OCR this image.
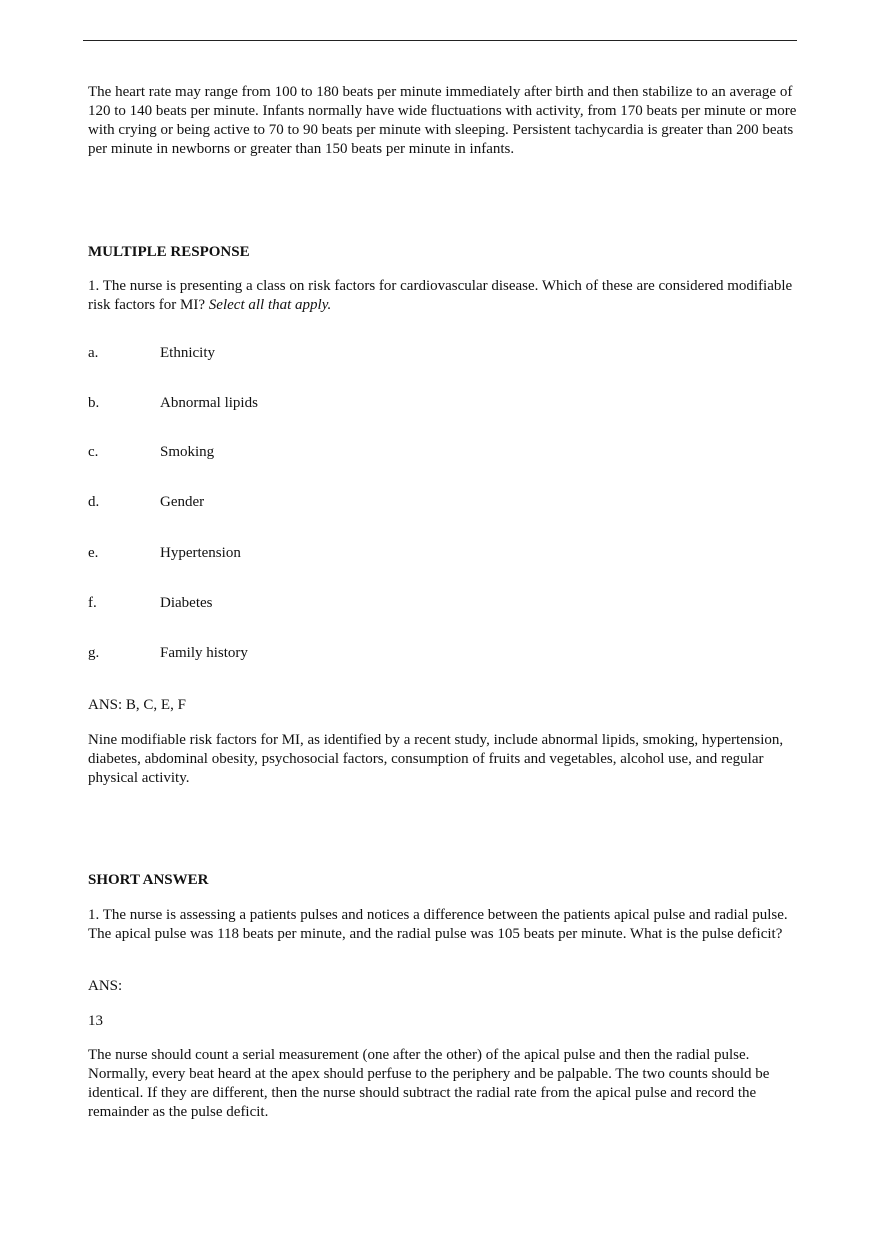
The heart rate may range from 100 to 180 beats per minute immediately after birth and then stabilize to an average of 120 to 140 beats per minute. Infants normally have wide fluctuations with activity, from 170 beats per minute or more with crying or being active to 70 to 90 beats per minute with sleeping. Persistent tachycardia is greater than 200 beats per minute in newborns or greater than 150 beats per minute in infants.

MULTIPLE RESPONSE

1. The nurse is presenting a class on risk factors for cardiovascular disease. Which of these are considered modifiable risk factors for MI? Select all that apply.

a.	Ethnicity
b.	Abnormal lipids
c.	Smoking
d.	Gender
e.	Hypertension
f.	Diabetes
g.	Family history

ANS: B, C, E, F

Nine modifiable risk factors for MI, as identified by a recent study, include abnormal lipids, smoking, hypertension, diabetes, abdominal obesity, psychosocial factors, consumption of fruits and vegetables, alcohol use, and regular physical activity.

SHORT ANSWER

1. The nurse is assessing a patients pulses and notices a difference between the patients apical pulse and radial pulse. The apical pulse was 118 beats per minute, and the radial pulse was 105 beats per minute. What is the pulse deficit?

ANS:

13

The nurse should count a serial measurement (one after the other) of the apical pulse and then the radial pulse. Normally, every beat heard at the apex should perfuse to the periphery and be palpable. The two counts should be identical. If they are different, then the nurse should subtract the radial rate from the apical pulse and record the remainder as the pulse deficit.
